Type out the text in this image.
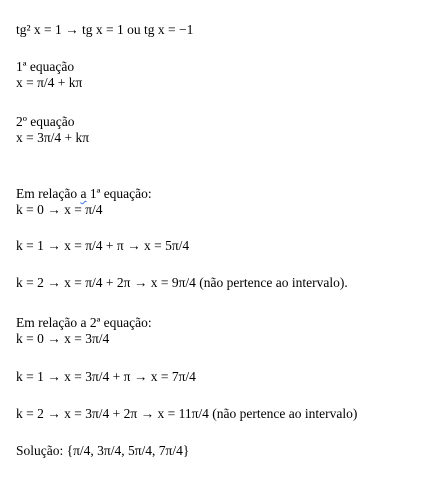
tg² x = 1 → tg x = 1 ou tg x = −1
1ª equação
x = π/4 + kπ
2º equação
x = 3π/4 + kπ
Em relação a 1ª equação:
k = 0 → x = π/4
k = 1 → x = π/4 + π → x = 5π/4
k = 2 → x = π/4 + 2π → x = 9π/4 (não pertence ao intervalo).
Em relação a 2ª equação:
k = 0 → x = 3π/4
k = 1 → x = 3π/4 + π → x = 7π/4
k = 2 → x = 3π/4 + 2π → x = 11π/4 (não pertence ao intervalo)
Solução: {π/4, 3π/4, 5π/4, 7π/4}
